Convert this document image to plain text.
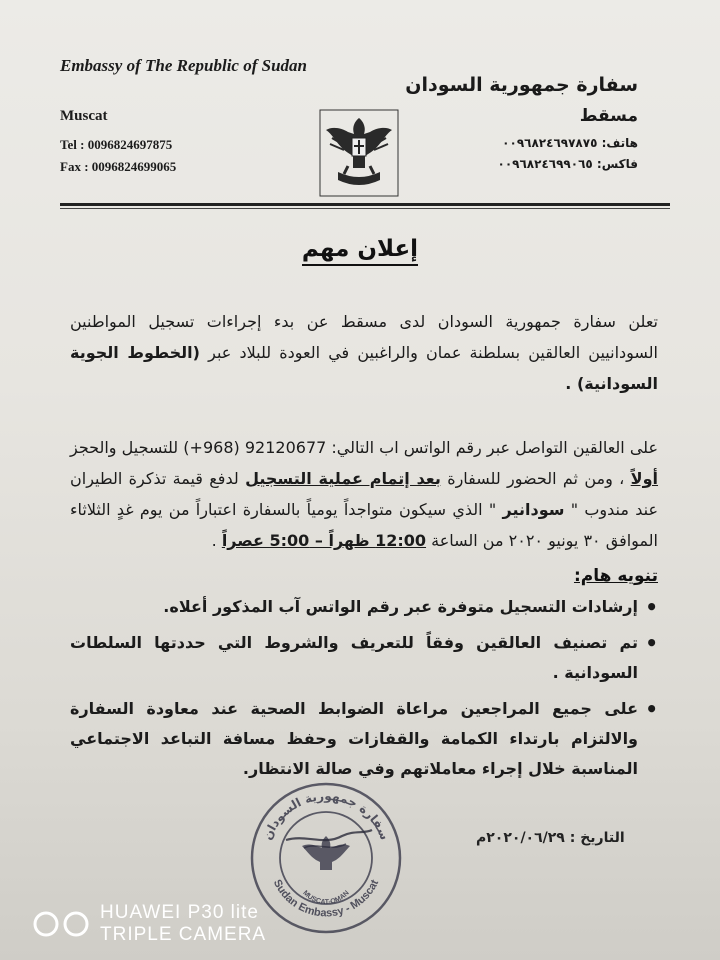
Embassy of The Republic of Sudan
Muscat
Tel : 0096824697875
Fax : 0096824699065
سفارة جمهورية السودان
مسقط
هاتف: ٠٠٩٦٨٢٤٦٩٧٨٧٥
فاكس: ٠٠٩٦٨٢٤٦٩٩٠٦٥
إعلان مهم
تعلن سفارة جمهورية السودان لدى مسقط عن بدء إجراءات تسجيل المواطنين السودانيين العالقين بسلطنة عمان والراغبين في العودة للبلاد عبر (الخطوط الجوية السودانية) .
على العالقين التواصل عبر رقم الواتس اب التالي: 92120677 (968+) للتسجيل والحجز أولاً ، ومن ثم الحضور للسفارة بعد إتمام عملية التسجيل لدفع قيمة تذكرة الطيران عند مندوب " سودانير " الذي سيكون متواجداً يومياً بالسفارة اعتباراً من يوم غدٍ الثلاثاء الموافق ٣٠ يونيو ٢٠٢٠ من الساعة 12:00 ظهراً – 5:00 عصراً .
تنويه هام:
• إرشادات التسجيل متوفرة عبر رقم الواتس آب المذكور أعلاه.
• تم تصنيف العالقين وفقاً للتعريف والشروط التي حددتها السلطات السودانية .
• على جميع المراجعين مراعاة الضوابط الصحية عند معاودة السفارة والالتزام بارتداء الكمامة والقفازات وحفظ مسافة التباعد الاجتماعي المناسبة خلال إجراء معاملاتهم وفي صالة الانتظار.
التاريخ : ٢٠٢٠/٠٦/٢٩م
سفارة جمهورية السودان
Sudan Embassy - Muscat
MUSCAT-OMAN
HUAWEI P30 lite
TRIPLE CAMERA
